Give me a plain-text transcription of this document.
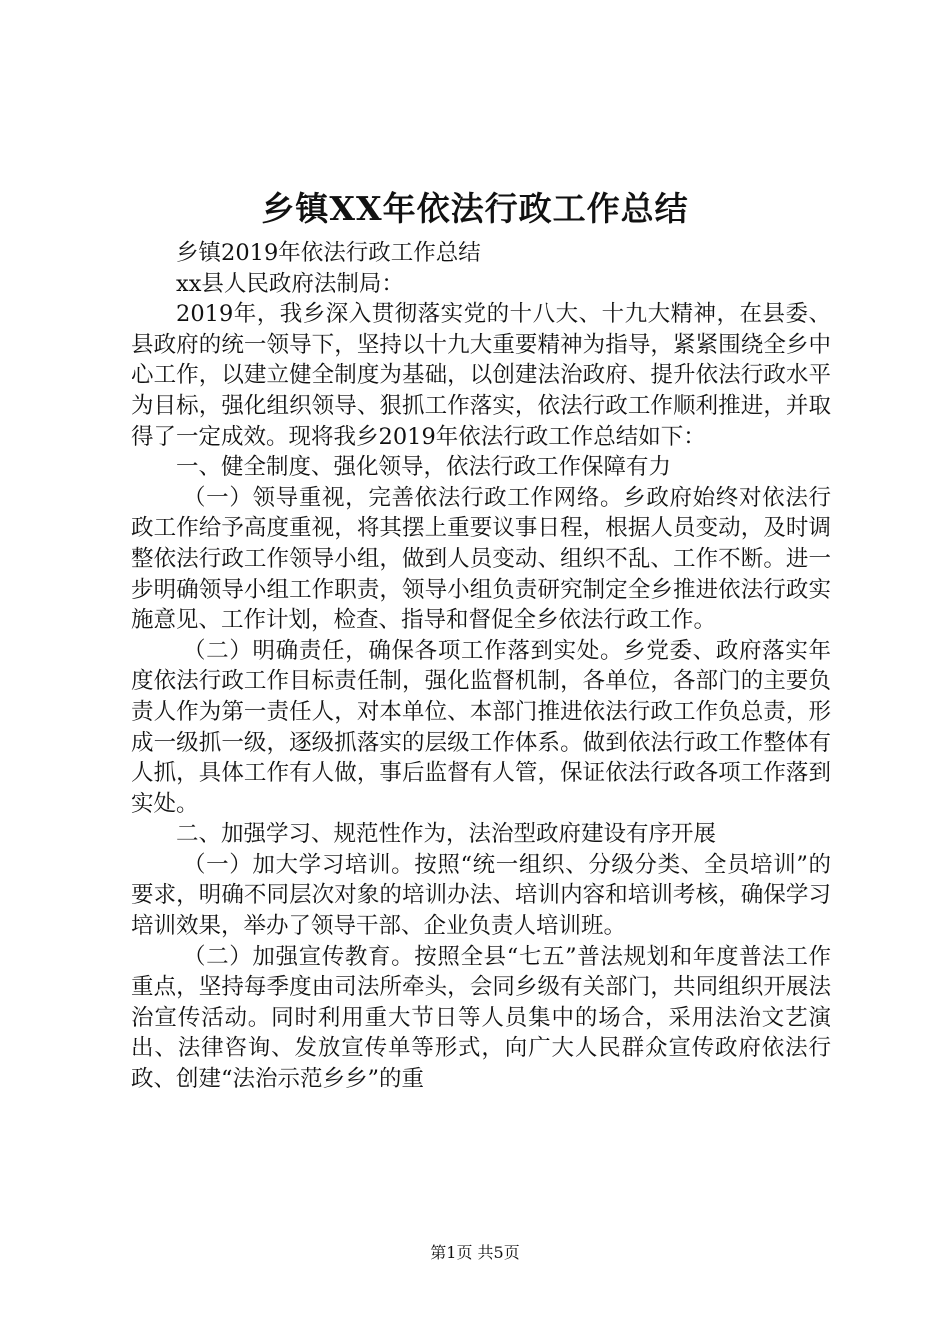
乡镇XX年依法行政工作总结

乡镇2019年依法行政工作总结

xx县人民政府法制局：

2019年，我乡深入贯彻落实党的十八大、十九大精神，在县委、县政府的统一领导下，坚持以十九大重要精神为指导，紧紧围绕全乡中心工作，以建立健全制度为基础，以创建法治政府、提升依法行政水平为目标，强化组织领导、狠抓工作落实，依法行政工作顺利推进，并取得了一定成效。现将我乡2019年依法行政工作总结如下：

一、健全制度、强化领导，依法行政工作保障有力

（一）领导重视，完善依法行政工作网络。乡政府始终对依法行政工作给予高度重视，将其摆上重要议事日程，根据人员变动，及时调整依法行政工作领导小组，做到人员变动、组织不乱、工作不断。进一步明确领导小组工作职责，领导小组负责研究制定全乡推进依法行政实施意见、工作计划，检查、指导和督促全乡依法行政工作。

（二）明确责任，确保各项工作落到实处。乡党委、政府落实年度依法行政工作目标责任制，强化监督机制，各单位，各部门的主要负责人作为第一责任人，对本单位、本部门推进依法行政工作负总责，形成一级抓一级，逐级抓落实的层级工作体系。做到依法行政工作整体有人抓，具体工作有人做，事后监督有人管，保证依法行政各项工作落到实处。

二、加强学习、规范性作为，法治型政府建设有序开展

（一）加大学习培训。按照“统一组织、分级分类、全员培训”的要求，明确不同层次对象的培训办法、培训内容和培训考核，确保学习培训效果，举办了领导干部、企业负责人培训班。

（二）加强宣传教育。按照全县“七五”普法规划和年度普法工作重点，坚持每季度由司法所牵头，会同乡级有关部门，共同组织开展法治宣传活动。同时利用重大节日等人员集中的场合，采用法治文艺演出、法律咨询、发放宣传单等形式，向广大人民群众宣传政府依法行政、创建“法治示范乡乡”的重

第1页 共5页
